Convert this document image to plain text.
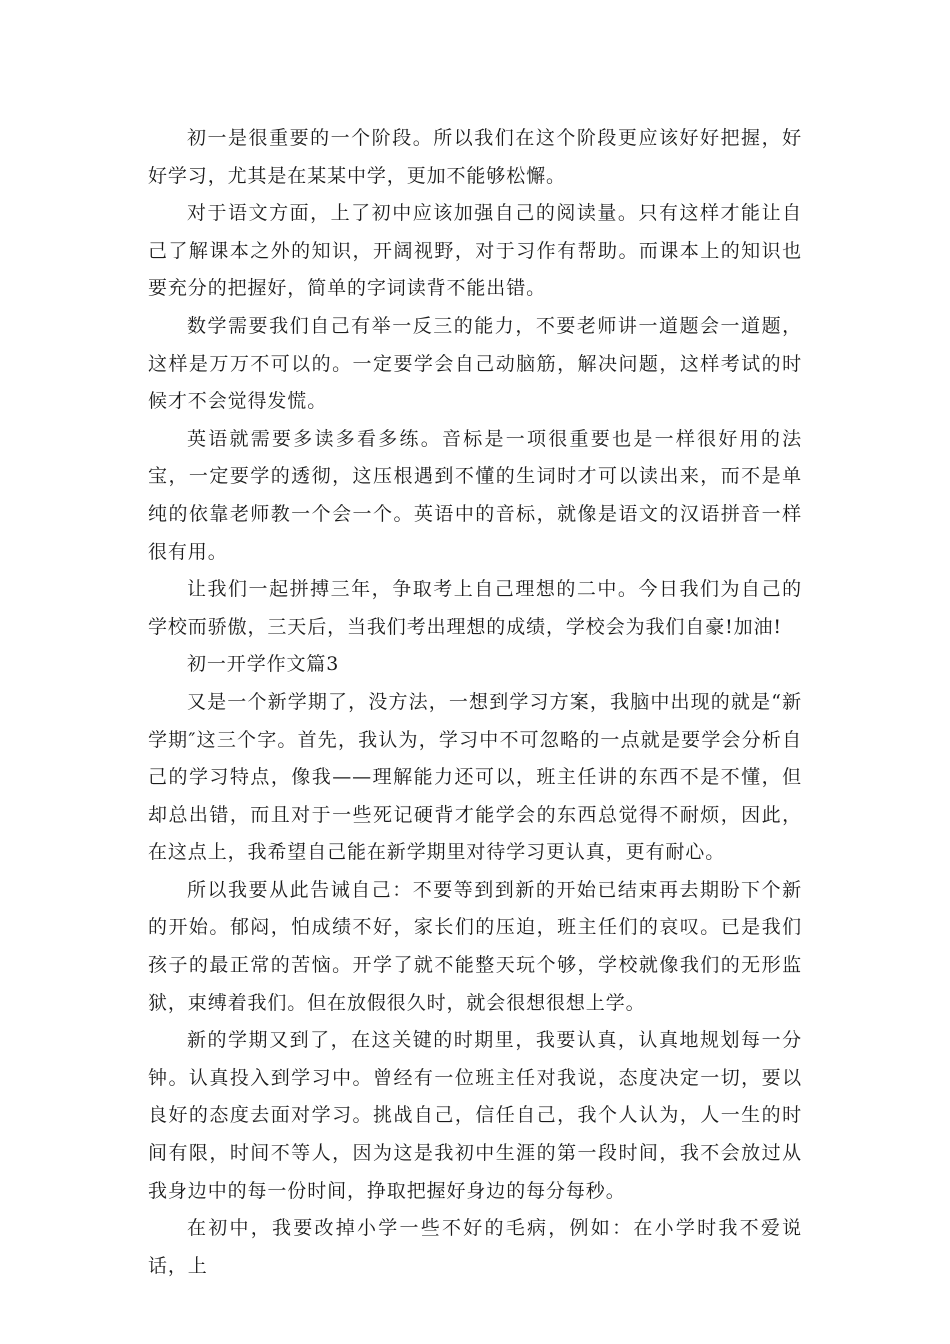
初一是很重要的一个阶段。所以我们在这个阶段更应该好好把握，好好学习，尤其是在某某中学，更加不能够松懈。

对于语文方面，上了初中应该加强自己的阅读量。只有这样才能让自己了解课本之外的知识，开阔视野，对于习作有帮助。而课本上的知识也要充分的把握好，简单的字词读背不能出错。

数学需要我们自己有举一反三的能力，不要老师讲一道题会一道题，这样是万万不可以的。一定要学会自己动脑筋，解决问题，这样考试的时候才不会觉得发慌。

英语就需要多读多看多练。音标是一项很重要也是一样很好用的法宝，一定要学的透彻，这压根遇到不懂的生词时才可以读出来，而不是单纯的依靠老师教一个会一个。英语中的音标，就像是语文的汉语拼音一样很有用。

让我们一起拼搏三年，争取考上自己理想的二中。今日我们为自己的学校而骄傲，三天后，当我们考出理想的成绩，学校会为我们自豪!加油!

初一开学作文篇3

又是一个新学期了，没方法，一想到学习方案，我脑中出现的就是“新学期″这三个字。首先，我认为，学习中不可忽略的一点就是要学会分析自己的学习特点，像我——理解能力还可以，班主任讲的东西不是不懂，但却总出错，而且对于一些死记硬背才能学会的东西总觉得不耐烦，因此，在这点上，我希望自己能在新学期里对待学习更认真，更有耐心。

所以我要从此告诫自己：不要等到到新的开始已结束再去期盼下个新的开始。郁闷，怕成绩不好，家长们的压迫，班主任们的哀叹。已是我们孩子的最正常的苦恼。开学了就不能整天玩个够，学校就像我们的无形监狱，束缚着我们。但在放假很久时，就会很想很想上学。

新的学期又到了，在这关键的时期里，我要认真，认真地规划每一分钟。认真投入到学习中。曾经有一位班主任对我说，态度决定一切，要以良好的态度去面对学习。挑战自己，信任自己，我个人认为，人一生的时间有限，时间不等人，因为这是我初中生涯的第一段时间，我不会放过从我身边中的每一份时间，挣取把握好身边的每分每秒。

在初中，我要改掉小学一些不好的毛病，例如：在小学时我不爱说话，上
